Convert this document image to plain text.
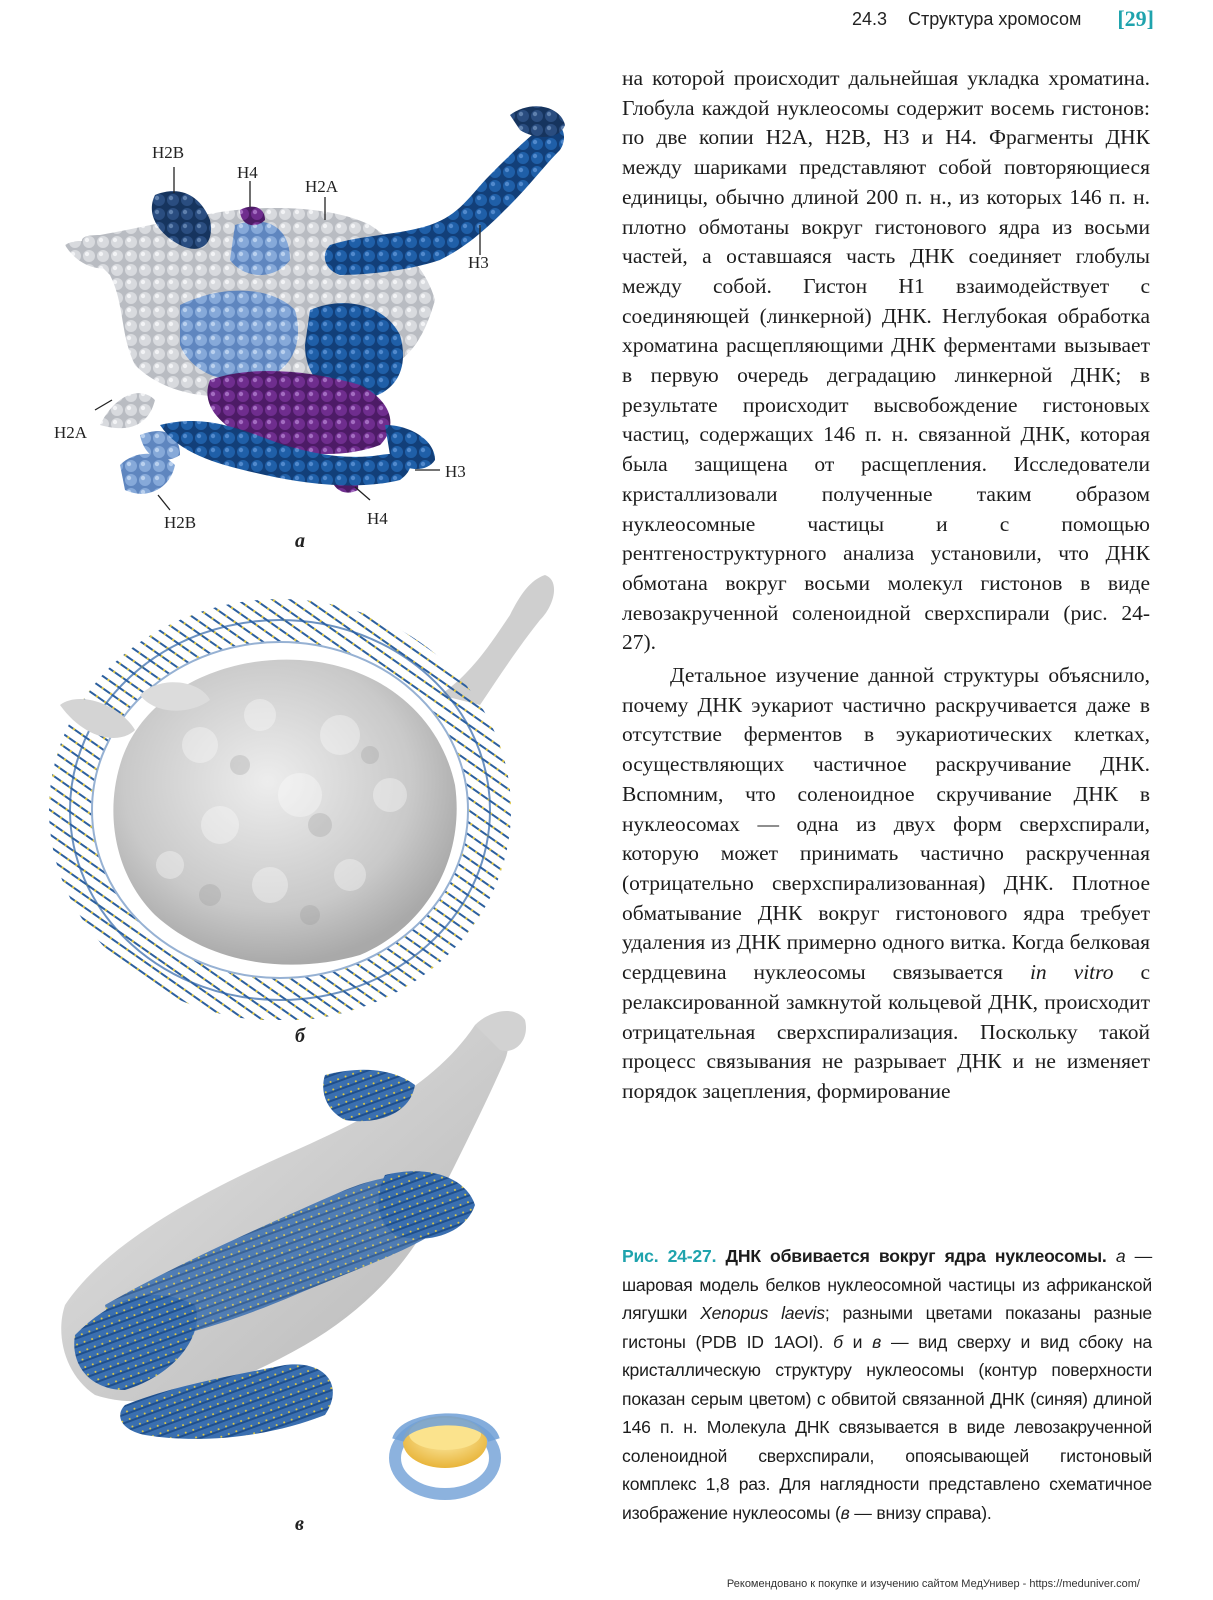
24.3 Структура хромосом [29]
H2B
H4
H2A
H3
H2A
H3
H2B	H4
а
б
в

на которой происходит дальнейшая укладка хроматина. Глобула каждой нуклеосомы содержит восемь гистонов: по две копии H2A, H2B, H3 и H4. Фрагменты ДНК между шариками представляют собой повторяющиеся единицы, обычно длиной 200 п. н., из которых 146 п. н. плотно обмотаны вокруг гистонового ядра из восьми частей, а оставшаяся часть ДНК соединяет глобулы между собой. Гистон H1 взаимодействует с соединяющей (линкерной) ДНК. Неглубокая обработка хроматина расщепляющими ДНК ферментами вызывает в первую очередь деградацию линкерной ДНК; в результате происходит высвобождение гистоновых частиц, содержащих 146 п. н. связанной ДНК, которая была защищена от расщепления. Исследователи кристаллизовали полученные таким образом нуклеосомные частицы и с помощью рентгеноструктурного анализа установили, что ДНК обмотана вокруг восьми молекул гистонов в виде левозакрученной соленоидной сверхспирали (рис. 24-27).

Детальное изучение данной структуры объяснило, почему ДНК эукариот частично раскручивается даже в отсутствие ферментов в эукариотических клетках, осуществляющих частичное раскручивание ДНК. Вспомним, что соленоидное скручивание ДНК в нуклеосомах — одна из двух форм сверхспирали, которую может принимать частично раскрученная (отрицательно сверхспирализованная) ДНК. Плотное обматывание ДНК вокруг гистонового ядра требует удаления из ДНК примерно одного витка. Когда белковая сердцевина нуклеосомы связывается in vitro с релаксированной замкнутой кольцевой ДНК, происходит отрицательная сверхспирализация. Поскольку такой процесс связывания не разрывает ДНК и не изменяет порядок зацепления, формирование

Рис. 24-27. ДНК обвивается вокруг ядра нуклеосомы. а — шаровая модель белков нуклеосомной частицы из африканской лягушки Xenopus laevis; разными цветами показаны разные гистоны (PDB ID 1AOI). б и в — вид сверху и вид сбоку на кристаллическую структуру нуклеосомы (контур поверхности показан серым цветом) с обвитой связанной ДНК (синяя) длиной 146 п. н. Молекула ДНК связывается в виде левозакрученной соленоидной сверхспирали, опоясывающей гистоновый комплекс 1,8 раз. Для наглядности представлено схематичное изображение нуклеосомы (в — внизу справа).
Рекомендовано к покупке и изучению сайтом МедУнивер - https://meduniver.com/
